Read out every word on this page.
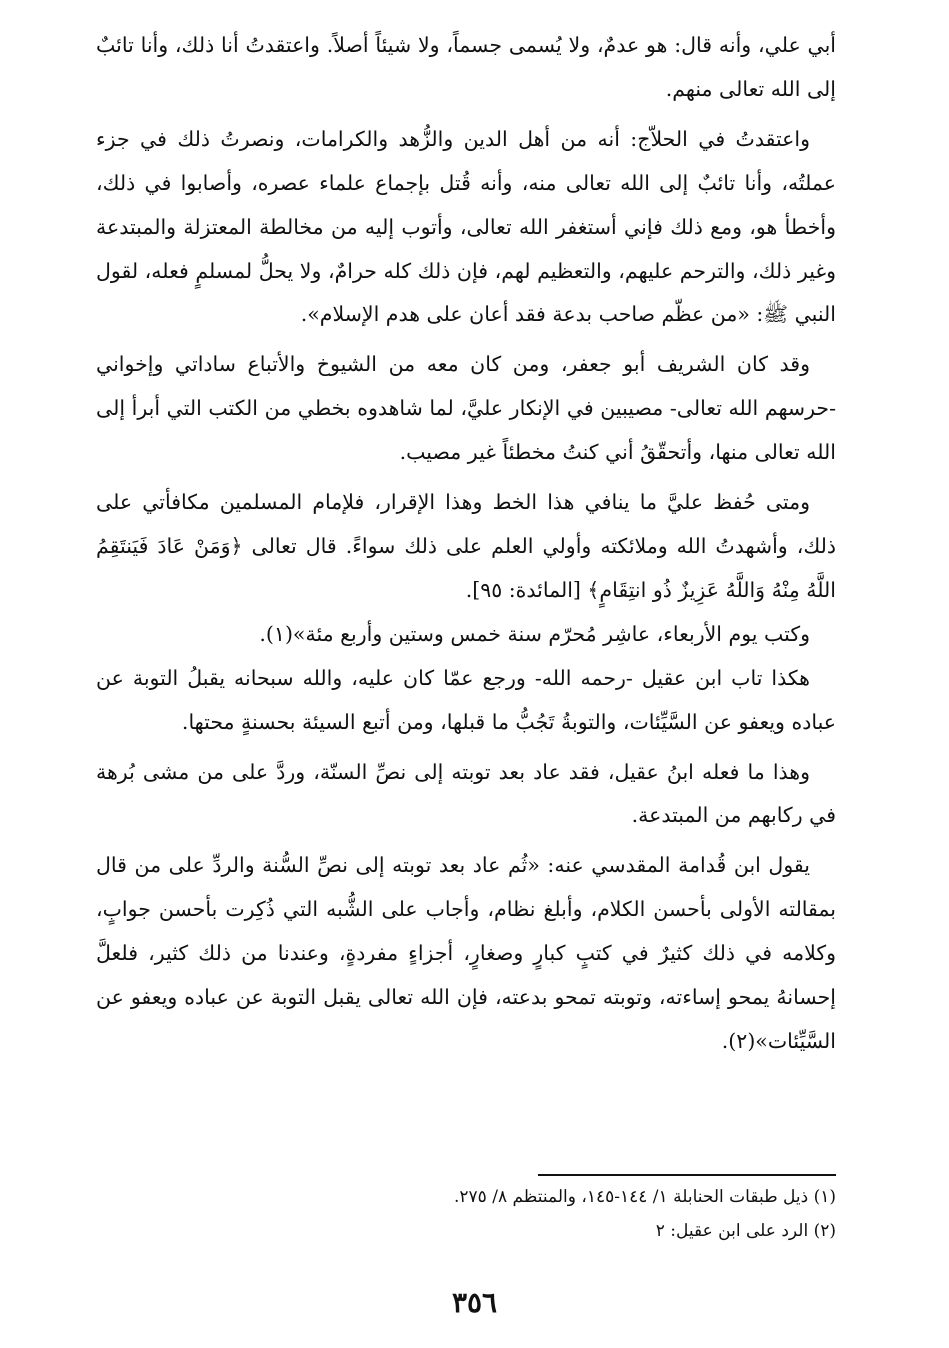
أبي علي، وأنه قال: هو عدمٌ، ولا يُسمى جسماً، ولا شيئاً أصلاً. واعتقدتُ أنا ذلك، وأنا تائبٌ إلى الله تعالى منهم.

واعتقدتُ في الحلاّج: أنه من أهل الدين والزُّهد والكرامات، ونصرتُ ذلك في جزء عملتُه، وأنا تائبٌ إلى الله تعالى منه، وأنه قُتل بإجماع علماء عصره، وأصابوا في ذلك، وأخطأ هو، ومع ذلك فإني أستغفر الله تعالى، وأتوب إليه من مخالطة المعتزلة والمبتدعة وغير ذلك، والترحم عليهم، والتعظيم لهم، فإن ذلك كله حرامٌ، ولا يحلُّ لمسلمٍ فعله، لقول النبي ﷺ: «من عظّم صاحب بدعة فقد أعان على هدم الإسلام».

وقد كان الشريف أبو جعفر، ومن كان معه من الشيوخ والأتباع ساداتي وإخواني -حرسهم الله تعالى- مصيبين في الإنكار عليَّ، لما شاهدوه بخطي من الكتب التي أبرأ إلى الله تعالى منها، وأتحقّقُ أني كنتُ مخطئاً غير مصيب.

ومتى حُفظ عليَّ ما ينافي هذا الخط وهذا الإقرار، فلإمام المسلمين مكافأتي على ذلك، وأشهدتُ الله وملائكته وأولي العلم على ذلك سواءً. قال تعالى ﴿وَمَنْ عَادَ فَيَنتَقِمُ اللَّهُ مِنْهُ وَاللَّهُ عَزِيزٌ ذُو انتِقَامٍ﴾ [المائدة: ٩٥].

وكتب يوم الأربعاء، عاشِر مُحرّم سنة خمس وستين وأربع مئة»(١).

هكذا تاب ابن عقيل -رحمه الله- ورجع عمّا كان عليه، والله سبحانه يقبلُ التوبة عن عباده ويعفو عن السَّيِّئات، والتوبةُ تَجُبُّ ما قبلها، ومن أتبع السيئة بحسنةٍ محتها.

وهذا ما فعله ابنُ عقيل، فقد عاد بعد توبته إلى نصِّ السنّة، وردَّ على من مشى بُرهة في ركابهم من المبتدعة.

يقول ابن قُدامة المقدسي عنه: «ثُم عاد بعد توبته إلى نصِّ السُّنة والردِّ على من قال بمقالته الأولى بأحسن الكلام، وأبلغ نظام، وأجاب على الشُّبه التي ذُكِرت بأحسن جوابٍ، وكلامه في ذلك كثيرٌ في كتبٍ كبارٍ وصغارٍ، أجزاءٍ مفردةٍ، وعندنا من ذلك كثير، فلعلَّ إحسانهُ يمحو إساءته، وتوبته تمحو بدعته، فإن الله تعالى يقبل التوبة عن عباده ويعفو عن السَّيِّئات»(٢).

(١) ذيل طبقات الحنابلة ١/ ١٤٤-١٤٥، والمنتظم ٨/ ٢٧٥.

(٢) الرد على ابن عقيل: ٢

٣٥٦
